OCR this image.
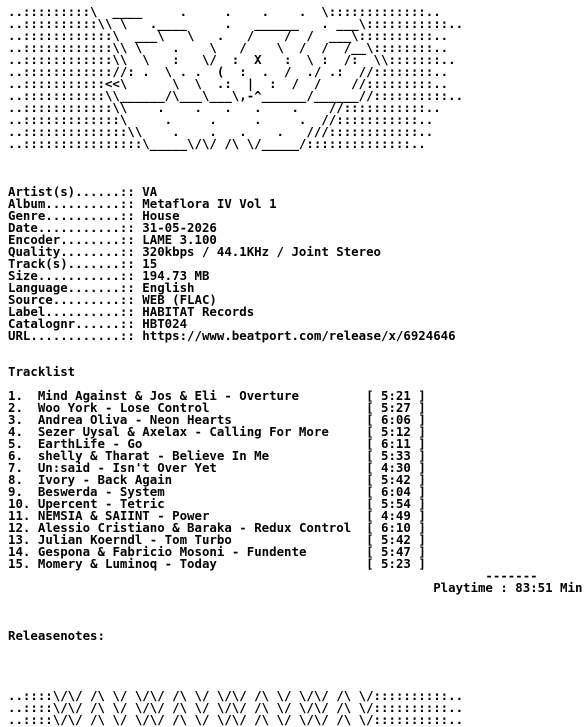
..:::::::::\  ____     .     .    .    .  \:::::::::::::..
..::::::::::\\ \   .____     .   ______   . ___\:::::::::::..
..::::::::::::\  ___\   \   .   /    /  /  ___\::::::::::..
..::::::::::::\\ \    .    \   /    \  /  /  /__\::::::::..
..::::::::::::\\  \   :   \/  :  X   :  \ :  /:  \\:::::::..
..:::::::::::://: .  \ . .  (  :  .  /  ./ .:  //::::::::..
..:::::::::::<<\      \  \  .:  |  :  /  /    //:::::::::..
..:::::::::::\\______/\___\___\,-^______/______//::::::::::..
..::::::::::::\\    .    .   .   .    .    //:::::::::::..
..:::::::::::::\     .     .     .     .  //:::::::::::..
..::::::::::::::\\    .    .   .    .   ///::::::::::::..
..::::::::::::::::\_____\/\/ /\ \/_____/::::::::::::::..
Artist(s)......:: VA
Album..........:: Metaflora IV Vol 1
Genre..........:: House
Date...........:: 31-05-2026
Encoder........:: LAME 3.100
Quality........:: 320kbps / 44.1KHz / Joint Stereo
Track(s).......:: 15
Size...........:: 194.73 MB
Language.......:: English
Source.........:: WEB (FLAC)
Label..........:: HABITAT Records
Catalognr......:: HBT024
URL............:: https://www.beatport.com/release/x/6924646
Tracklist
1. Mind Against & Jos & Eli - Overture	[ 5:21 ]
2. Woo York - Lose Control	[ 5:27 ]
3. Andrea Oliva - Neon Hearts	[ 6:06 ]
4. Sezer Uysal & Axelax - Calling For More	[ 5:12 ]
5. EarthLife - Go	[ 6:11 ]
6. shelly & Tharat - Believe In Me	[ 5:33 ]
7. Un:said - Isn't Over Yet	[ 4:30 ]
8. Ivory - Back Again	[ 5:42 ]
9. Beswerda - System	[ 6:04 ]
10. Upercent - Tetric	[ 5:54 ]
11. NEMSIA & SAIINT - Power	[ 4:49 ]
12. Alessio Cristiano & Baraka - Redux Control [ 6:10 ]
13. Julian Koerndl - Tom Turbo	[ 5:42 ]
14. Gespona & Fabricio Mosoni - Fundente	[ 5:47 ]
15. Momery & Luminoq - Today	[ 5:23 ]
-------
Playtime : 83:51 Min
Releasenotes:
..::::\/\/ /\ \/ \/\/ /\ \/ \/\/ /\ \/ \/\/ /\ \/::::::::::..
..::::\/\/ /\ \/ \/\/ /\ \/ \/\/ /\ \/ \/\/ /\ \/::::::::::..
..::::\/\/ /\ \/ \/\/ /\ \/ \/\/ /\ \/ \/\/ /\ \/::::::::::..
